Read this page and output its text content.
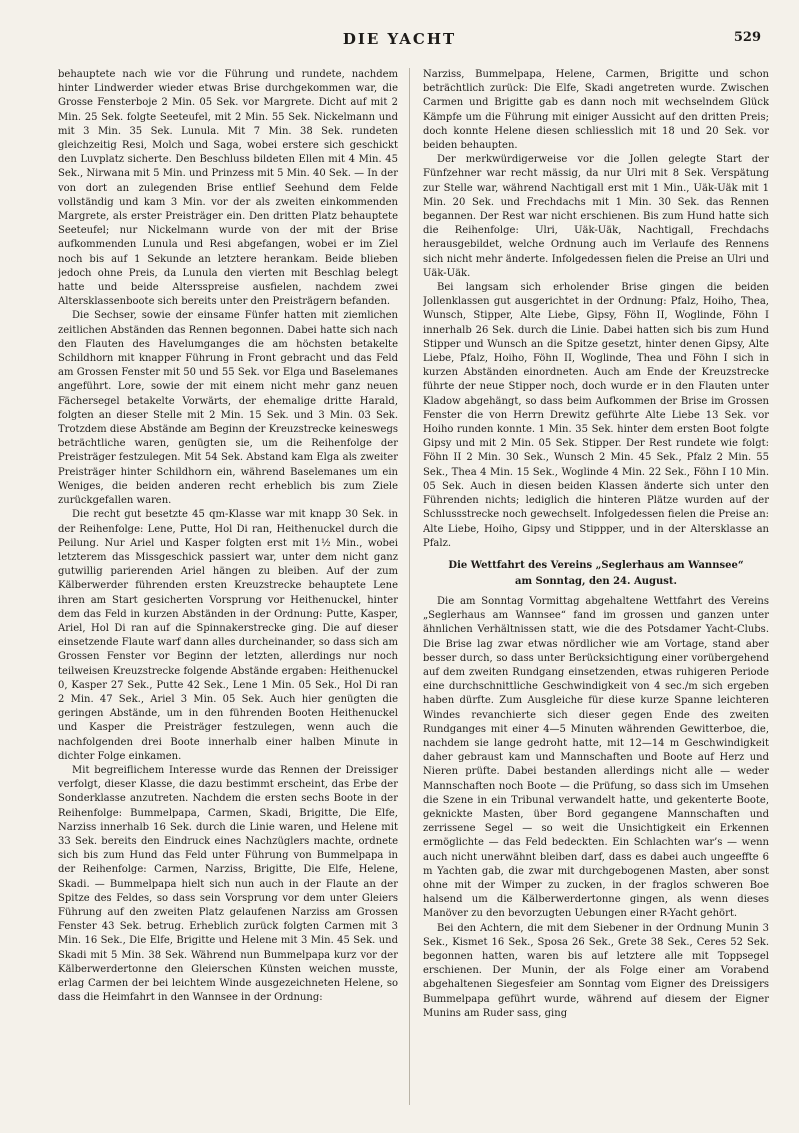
DIE YACHT	529

behauptete nach wie vor die Führung und rundete, nachdem hinter Lindwerder wieder etwas Brise durchgekommen war, die Grosse Fensterboje 2 Min. 05 Sek. vor Margrete. Dicht auf mit 2 Min. 25 Sek. folgte Seeteufel, mit 2 Min. 55 Sek. Nickelmann und mit 3 Min. 35 Sek. Lunula. Mit 7 Min. 38 Sek. rundeten gleichzeitig Resi, Molch und Saga, wobei erstere sich geschickt den Luvplatz sicherte. Den Beschluss bildeten Ellen mit 4 Min. 45 Sek., Nirwana mit 5 Min. und Prinzess mit 5 Min. 40 Sek. — In der von dort an zulegenden Brise entlief Seehund dem Felde vollständig und kam 3 Min. vor der als zweiten einkommenden Margrete, als erster Preisträger ein. Den dritten Platz behauptete Seeteufel; nur Nickelmann wurde von der mit der Brise aufkommenden Lunula und Resi abgefangen, wobei er im Ziel noch bis auf 1 Sekunde an letztere herankam. Beide blieben jedoch ohne Preis, da Lunula den vierten mit Beschlag belegt hatte und beide Altersspreise ausfielen, nachdem zwei Altersklassenboote sich bereits unter den Preisträgern befanden.

Die Sechser, sowie der einsame Fünfer hatten mit ziemlichen zeitlichen Abständen das Rennen begonnen. Dabei hatte sich nach den Flauten des Havelumganges die am höchsten betakelte Schildhorn mit knapper Führung in Front gebracht und das Feld am Grossen Fenster mit 50 und 55 Sek. vor Elga und Baselemanes angeführt. Lore, sowie der mit einem nicht mehr ganz neuen Fächersegel betakelte Vorwärts, der ehemalige dritte Harald, folgten an dieser Stelle mit 2 Min. 15 Sek. und 3 Min. 03 Sek. Trotzdem diese Abstände am Beginn der Kreuzstrecke keineswegs beträchtliche waren, genügten sie, um die Reihenfolge der Preisträger festzulegen. Mit 54 Sek. Abstand kam Elga als zweiter Preisträger hinter Schildhorn ein, während Baselemanes um ein Weniges, die beiden anderen recht erheblich bis zum Ziele zurückgefallen waren.

Die recht gut besetzte 45 qm-Klasse war mit knapp 30 Sek. in der Reihenfolge: Lene, Putte, Hol Di ran, Heithenuckel durch die Peilung. Nur Ariel und Kasper folgten erst mit 1½ Min., wobei letzterem das Missgeschick passiert war, unter dem nicht ganz gutwillig parierenden Ariel hängen zu bleiben. Auf der zum Kälberwerder führenden ersten Kreuzstrecke behauptete Lene ihren am Start gesicherten Vorsprung vor Heithenuckel, hinter dem das Feld in kurzen Abständen in der Ordnung: Putte, Kasper, Ariel, Hol Di ran auf die Spinnakerstrecke ging. Die auf dieser einsetzende Flaute warf dann alles durcheinander, so dass sich am Grossen Fenster vor Beginn der letzten, allerdings nur noch teilweisen Kreuzstrecke folgende Abstände ergaben: Heithenuckel 0, Kasper 27 Sek., Putte 42 Sek., Lene 1 Min. 05 Sek., Hol Di ran 2 Min. 47 Sek., Ariel 3 Min. 05 Sek. Auch hier genügten die geringen Abstände, um in den führenden Booten Heithenuckel und Kasper die Preisträger festzulegen, wenn auch die nachfolgenden drei Boote innerhalb einer halben Minute in dichter Folge einkamen.

Mit begreiflichem Interesse wurde das Rennen der Dreissiger verfolgt, dieser Klasse, die dazu bestimmt erscheint, das Erbe der Sonderklasse anzutreten. Nachdem die ersten sechs Boote in der Reihenfolge: Bummelpapa, Carmen, Skadi, Brigitte, Die Elfe, Narziss innerhalb 16 Sek. durch die Linie waren, und Helene mit 33 Sek. bereits den Eindruck eines Nachzüglers machte, ordnete sich bis zum Hund das Feld unter Führung von Bummelpapa in der Reihenfolge: Carmen, Narziss, Brigitte, Die Elfe, Helene, Skadi. — Bummelpapa hielt sich nun auch in der Flaute an der Spitze des Feldes, so dass sein Vorsprung vor dem unter Gleiers Führung auf den zweiten Platz gelaufenen Narziss am Grossen Fenster 43 Sek. betrug. Erheblich zurück folgten Carmen mit 3 Min. 16 Sek., Die Elfe, Brigitte und Helene mit 3 Min. 45 Sek. und Skadi mit 5 Min. 38 Sek. Während nun Bummelpapa kurz vor der Kälberwerdertonne den Gleierschen Künsten weichen musste, erlag Carmen der bei leichtem Winde ausgezeichneten Helene, so dass die Heimfahrt in den Wannsee in der Ordnung:

Narziss, Bummelpapa, Helene, Carmen, Brigitte und schon beträchtlich zurück: Die Elfe, Skadi angetreten wurde. Zwischen Carmen und Brigitte gab es dann noch mit wechselndem Glück Kämpfe um die Führung mit einiger Aussicht auf den dritten Preis; doch konnte Helene diesen schliesslich mit 18 und 20 Sek. vor beiden behaupten.

Der merkwürdigerweise vor die Jollen gelegte Start der Fünfzehner war recht mässig, da nur Ulri mit 8 Sek. Verspätung zur Stelle war, während Nachtigall erst mit 1 Min., Uäk-Uäk mit 1 Min. 20 Sek. und Frechdachs mit 1 Min. 30 Sek. das Rennen begannen. Der Rest war nicht erschienen. Bis zum Hund hatte sich die Reihenfolge: Ulri, Uäk-Uäk, Nachtigall, Frechdachs herausgebildet, welche Ordnung auch im Verlaufe des Rennens sich nicht mehr änderte. Infolgedessen fielen die Preise an Ulri und Uäk-Uäk.

Bei langsam sich erholender Brise gingen die beiden Jollenklassen gut ausgerichtet in der Ordnung: Pfalz, Hoiho, Thea, Wunsch, Stipper, Alte Liebe, Gipsy, Föhn II, Woglinde, Föhn I innerhalb 26 Sek. durch die Linie. Dabei hatten sich bis zum Hund Stipper und Wunsch an die Spitze gesetzt, hinter denen Gipsy, Alte Liebe, Pfalz, Hoiho, Föhn II, Woglinde, Thea und Föhn I sich in kurzen Abständen einordneten. Auch am Ende der Kreuzstrecke führte der neue Stipper noch, doch wurde er in den Flauten unter Kladow abgehängt, so dass beim Aufkommen der Brise im Grossen Fenster die von Herrn Drewitz geführte Alte Liebe 13 Sek. vor Hoiho runden konnte. 1 Min. 35 Sek. hinter dem ersten Boot folgte Gipsy und mit 2 Min. 05 Sek. Stipper. Der Rest rundete wie folgt: Föhn II 2 Min. 30 Sek., Wunsch 2 Min. 45 Sek., Pfalz 2 Min. 55 Sek., Thea 4 Min. 15 Sek., Woglinde 4 Min. 22 Sek., Föhn I 10 Min. 05 Sek. Auch in diesen beiden Klassen änderte sich unter den Führenden nichts; lediglich die hinteren Plätze wurden auf der Schlussstrecke noch gewechselt. Infolgedessen fielen die Preise an: Alte Liebe, Hoiho, Gipsy und Stippper, und in der Altersklasse an Pfalz.

Die Wettfahrt des Vereins „Seglerhaus am Wannsee“
am Sonntag, den 24. August.

Die am Sonntag Vormittag abgehaltene Wettfahrt des Vereins „Seglerhaus am Wannsee“ fand im grossen und ganzen unter ähnlichen Verhältnissen statt, wie die des Potsdamer Yacht-Clubs. Die Brise lag zwar etwas nördlicher wie am Vortage, stand aber besser durch, so dass unter Berücksichtigung einer vorübergehend auf dem zweiten Rundgang einsetzenden, etwas ruhigeren Periode eine durchschnittliche Geschwindigkeit von 4 sec./m sich ergeben haben dürfte. Zum Ausgleiche für diese kurze Spanne leichteren Windes revanchierte sich dieser gegen Ende des zweiten Rundganges mit einer 4—5 Minuten währenden Gewitterboe, die, nachdem sie lange gedroht hatte, mit 12—14 m Geschwindigkeit daher gebraust kam und Mannschaften und Boote auf Herz und Nieren prüfte. Dabei bestanden allerdings nicht alle — weder Mannschaften noch Boote — die Prüfung, so dass sich im Umsehen die Szene in ein Tribunal verwandelt hatte, und gekenterte Boote, geknickte Masten, über Bord gegangene Mannschaften und zerrissene Segel — so weit die Unsichtigkeit ein Erkennen ermöglichte — das Feld bedeckten. Ein Schlachten war’s — wenn auch nicht unerwähnt bleiben darf, dass es dabei auch ungeeffte 6 m Yachten gab, die zwar mit durchgebogenen Masten, aber sonst ohne mit der Wimper zu zucken, in der fraglos schweren Boe halsend um die Kälberwerdertonne gingen, als wenn dieses Manöver zu den bevorzugten Uebungen einer R-Yacht gehört.

Bei den Achtern, die mit dem Siebener in der Ordnung Munin 3 Sek., Kismet 16 Sek., Sposa 26 Sek., Grete 38 Sek., Ceres 52 Sek. begonnen hatten, waren bis auf letztere alle mit Toppsegel erschienen. Der Munin, der als Folge einer am Vorabend abgehaltenen Siegesfeier am Sonntag vom Eigner des Dreissigers Bummelpapa geführt wurde, während auf diesem der Eigner Munins am Ruder sass, ging
